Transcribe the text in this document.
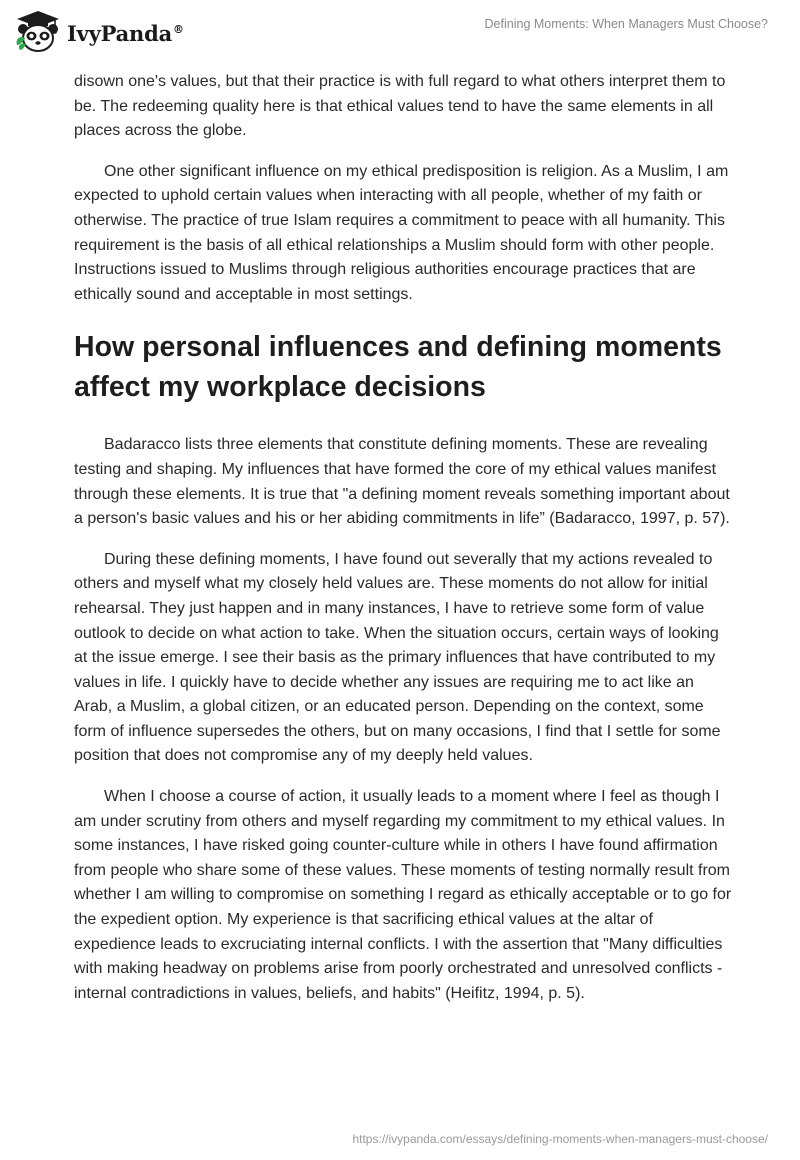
IvyPanda®	Defining Moments: When Managers Must Choose?

disown one's values, but that their practice is with full regard to what others interpret them to be. The redeeming quality here is that ethical values tend to have the same elements in all places across the globe.

One other significant influence on my ethical predisposition is religion. As a Muslim, I am expected to uphold certain values when interacting with all people, whether of my faith or otherwise. The practice of true Islam requires a commitment to peace with all humanity. This requirement is the basis of all ethical relationships a Muslim should form with other people. Instructions issued to Muslims through religious authorities encourage practices that are ethically sound and acceptable in most settings.

How personal influences and defining moments affect my workplace decisions

Badaracco lists three elements that constitute defining moments. These are revealing testing and shaping. My influences that have formed the core of my ethical values manifest through these elements. It is true that "a defining moment reveals something important about a person's basic values and his or her abiding commitments in life” (Badaracco, 1997, p. 57).

During these defining moments, I have found out severally that my actions revealed to others and myself what my closely held values are. These moments do not allow for initial rehearsal. They just happen and in many instances, I have to retrieve some form of value outlook to decide on what action to take. When the situation occurs, certain ways of looking at the issue emerge. I see their basis as the primary influences that have contributed to my values in life. I quickly have to decide whether any issues are requiring me to act like an Arab, a Muslim, a global citizen, or an educated person. Depending on the context, some form of influence supersedes the others, but on many occasions, I find that I settle for some position that does not compromise any of my deeply held values.

When I choose a course of action, it usually leads to a moment where I feel as though I am under scrutiny from others and myself regarding my commitment to my ethical values. In some instances, I have risked going counter-culture while in others I have found affirmation from people who share some of these values. These moments of testing normally result from whether I am willing to compromise on something I regard as ethically acceptable or to go for the expedient option. My experience is that sacrificing ethical values at the altar of expedience leads to excruciating internal conflicts. I with the assertion that "Many difficulties with making headway on problems arise from poorly orchestrated and unresolved conflicts - internal contradictions in values, beliefs, and habits" (Heifitz, 1994, p. 5).

https://ivypanda.com/essays/defining-moments-when-managers-must-choose/
